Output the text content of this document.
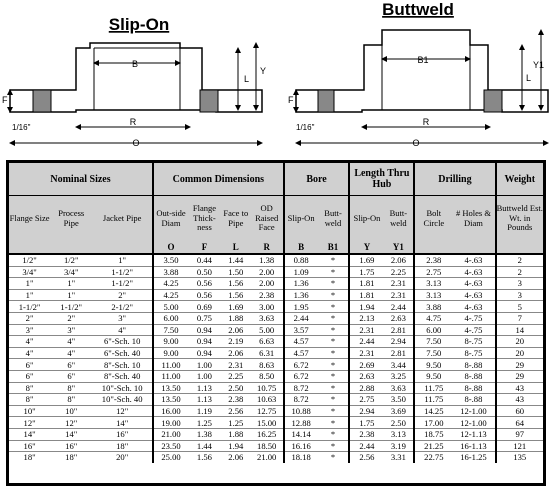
Slip-On
B
L
Y
F
1/16"
R
O
Buttweld
B1
L
Y1
F
1/16"
R
O
Nominal Sizes			Common Dimensions				Bore		Length Thru Hub		Drilling		Weight
Flange Size	Process Pipe	Jacket Pipe	Out-side Diam	Flange Thick-ness	Face to Pipe	OD Raised Face	Slip-On	Butt-weld	Slip-On	Butt-weld	Bolt Circle	# Holes & Diam	Buttweld Est. Wt. in Pounds
			O	F	L	R	B	B1	Y	Y1			
1/2"	1/2"	1"	3.50	0.44	1.44	1.38	0.88	*	1.69	2.06	2.38	4-.63	2
3/4"	3/4"	1-1/2"	3.88	0.50	1.50	2.00	1.09	*	1.75	2.25	2.75	4-.63	2
1"	1"	1-1/2"	4.25	0.56	1.56	2.00	1.36	*	1.81	2.31	3.13	4-.63	3
1"	1"	2"	4.25	0.56	1.56	2.38	1.36	*	1.81	2.31	3.13	4-.63	3
1-1/2"	1-1/2"	2-1/2"	5.00	0.69	1.69	3.00	1.95	*	1.94	2.44	3.88	4-.63	5
2"	2"	3"	6.00	0.75	1.88	3.63	2.44	*	2.13	2.63	4.75	4-.75	7
3"	3"	4"	7.50	0.94	2.06	5.00	3.57	*	2.31	2.81	6.00	4-.75	14
4"	4"	6"-Sch. 10	9.00	0.94	2.19	6.63	4.57	*	2.44	2.94	7.50	8-.75	20
4"	4"	6"-Sch. 40	9.00	0.94	2.06	6.31	4.57	*	2.31	2.81	7.50	8-.75	20
6"	6"	8"-Sch. 10	11.00	1.00	2.31	8.63	6.72	*	2.69	3.44	9.50	8-.88	29
6"	6"	8"-Sch. 40	11.00	1.00	2.25	8.50	6.72	*	2.63	3.25	9.50	8-.88	29
8"	8"	10"-Sch. 10	13.50	1.13	2.50	10.75	8.72	*	2.88	3.63	11.75	8-.88	43
8"	8"	10"-Sch. 40	13.50	1.13	2.38	10.63	8.72	*	2.75	3.50	11.75	8-.88	43
10"	10"	12"	16.00	1.19	2.56	12.75	10.88	*	2.94	3.69	14.25	12-1.00	60
12"	12"	14"	19.00	1.25	1.25	15.00	12.88	*	1.75	2.50	17.00	12-1.00	64
14"	14"	16"	21.00	1.38	1.88	16.25	14.14	*	2.38	3.13	18.75	12-1.13	97
16"	16"	18"	23.50	1.44	1.94	18.50	16.16	*	2.44	3.19	21.25	16-1.13	121
18"	18"	20"	25.00	1.56	2.06	21.00	18.18	*	2.56	3.31	22.75	16-1.25	135
